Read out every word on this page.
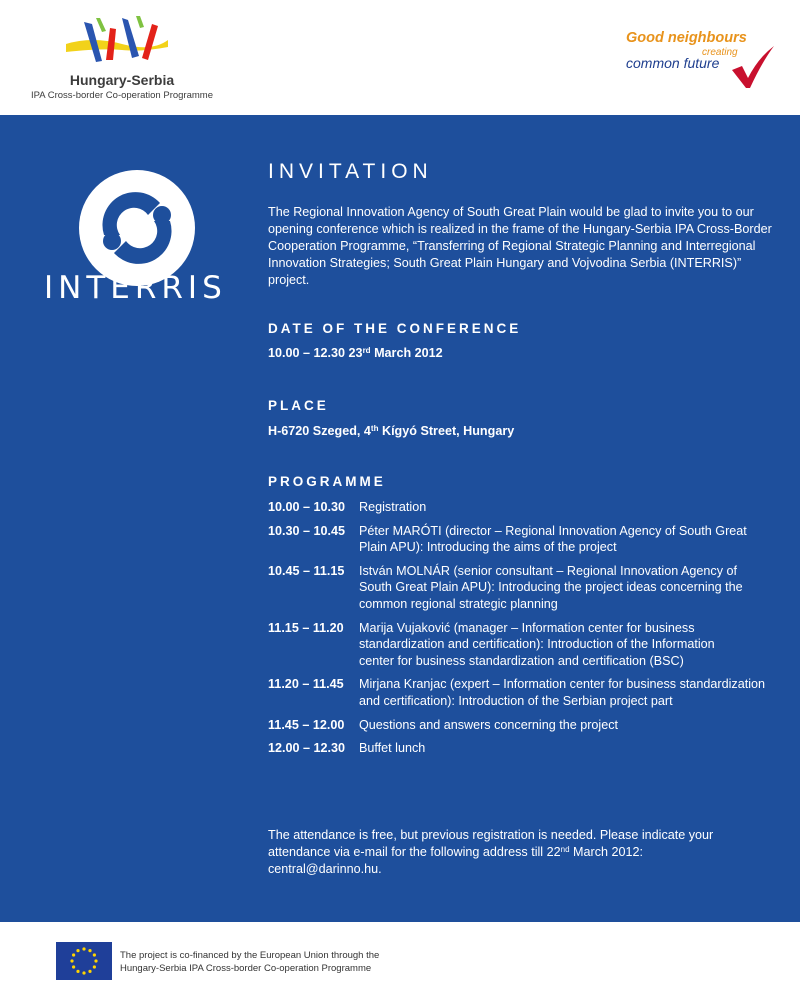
Hungary-Serbia
IPA Cross-border Co-operation Programme
Good neighbours
creating
common future
INTERRIS
INVITATION
The Regional Innovation Agency of South Great Plain would be glad to invite you to our opening conference which is realized in the frame of the Hungary-Serbia IPA Cross-Border Cooperation Programme, “Transferring of Regional Strategic Planning and Interregional Innovation Strategies; South Great Plain Hungary and Vojvodina Serbia (INTERRIS)” project.
DATE OF THE CONFERENCE
10.00 – 12.30 23rd March 2012
PLACE
H-6720 Szeged, 4th Kígyó Street, Hungary
PROGRAMME
10.00 – 10.30	Registration
10.30 – 10.45	Péter MARÓTI (director – Regional Innovation Agency of South Great Plain APU): Introducing the aims of the project
10.45 – 11.15	István MOLNÁR (senior consultant – Regional Innovation Agency of South Great Plain APU): Introducing the project ideas concerning the common regional strategic planning
11.15 – 11.20	Marija Vujaković (manager – Information center for business standardization and certification): Introduction of the Information center for business standardization and certification (BSC)
11.20 – 11.45	Mirjana Kranjac (expert – Information center for business standardization and certification): Introduction of the Serbian project part
11.45 – 12.00	Questions and answers concerning the project
12.00 – 12.30	Buffet lunch
The attendance is free, but previous registration is needed. Please indicate your attendance via e-mail for the following address till 22nd March 2012:
central@darinno.hu.
The project is co-financed by the European Union through the
Hungary-Serbia IPA Cross-border Co-operation Programme
